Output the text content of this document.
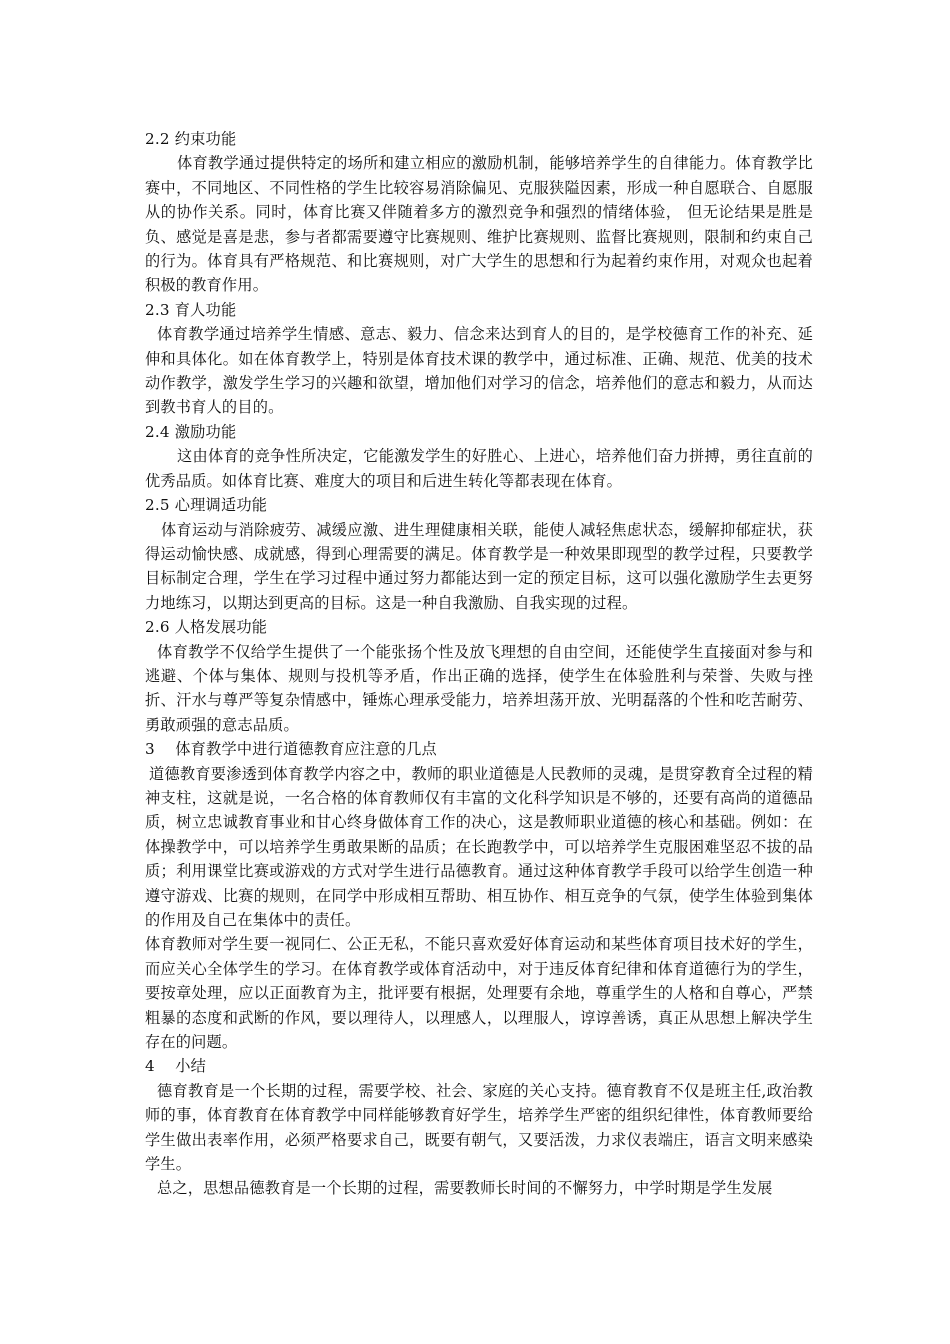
2.2 约束功能

体育教学通过提供特定的场所和建立相应的激励机制，能够培养学生的自律能力。体育教学比赛中，不同地区、不同性格的学生比较容易消除偏见、克服狭隘因素，形成一种自愿联合、自愿服从的协作关系。同时，体育比赛又伴随着多方的激烈竞争和强烈的情绪体验， 但无论结果是胜是负、感觉是喜是悲，参与者都需要遵守比赛规则、维护比赛规则、监督比赛规则，限制和约束自己的行为。体育具有严格规范、和比赛规则，对广大学生的思想和行为起着约束作用，对观众也起着积极的教育作用。

2.3 育人功能

体育教学通过培养学生情感、意志、毅力、信念来达到育人的目的，是学校德育工作的补充、延伸和具体化。如在体育教学上，特别是体育技术课的教学中，通过标准、正确、规范、优美的技术动作教学，激发学生学习的兴趣和欲望，增加他们对学习的信念，培养他们的意志和毅力，从而达到教书育人的目的。

2.4 激励功能

这由体育的竞争性所决定，它能激发学生的好胜心、上进心，培养他们奋力拼搏，勇往直前的优秀品质。如体育比赛、难度大的项目和后进生转化等都表现在体育。

2.5 心理调适功能

体育运动与消除疲劳、减缓应激、进生理健康相关联，能使人减轻焦虑状态，缓解抑郁症状，获得运动愉快感、成就感，得到心理需要的满足。体育教学是一种效果即现型的教学过程，只要教学目标制定合理，学生在学习过程中通过努力都能达到一定的预定目标，这可以强化激励学生去更努力地练习，以期达到更高的目标。这是一种自我激励、自我实现的过程。

2.6 人格发展功能

体育教学不仅给学生提供了一个能张扬个性及放飞理想的自由空间，还能使学生直接面对参与和逃避、个体与集体、规则与投机等矛盾，作出正确的选择，使学生在体验胜利与荣誉、失败与挫折、汗水与尊严等复杂情感中，锤炼心理承受能力，培养坦荡开放、光明磊落的个性和吃苦耐劳、勇敢顽强的意志品质。

3　 体育教学中进行道德教育应注意的几点

道德教育要渗透到体育教学内容之中，教师的职业道德是人民教师的灵魂，是贯穿教育全过程的精神支柱，这就是说，一名合格的体育教师仅有丰富的文化科学知识是不够的，还要有高尚的道德品质，树立忠诚教育事业和甘心终身做体育工作的决心，这是教师职业道德的核心和基础。例如：在体操教学中，可以培养学生勇敢果断的品质；在长跑教学中，可以培养学生克服困难坚忍不拔的品质；利用课堂比赛或游戏的方式对学生进行品德教育。通过这种体育教学手段可以给学生创造一种遵守游戏、比赛的规则，在同学中形成相互帮助、相互协作、相互竞争的气氛，使学生体验到集体的作用及自己在集体中的责任。

体育教师对学生要一视同仁、公正无私，不能只喜欢爱好体育运动和某些体育项目技术好的学生，而应关心全体学生的学习。在体育教学或体育活动中，对于违反体育纪律和体育道德行为的学生，要按章处理，应以正面教育为主，批评要有根据，处理要有余地，尊重学生的人格和自尊心，严禁粗暴的态度和武断的作风，要以理待人，以理感人，以理服人，谆谆善诱，真正从思想上解决学生存在的问题。

4　 小结

德育教育是一个长期的过程，需要学校、社会、家庭的关心支持。德育教育不仅是班主任,政治教师的事，体育教育在体育教学中同样能够教育好学生，培养学生严密的组织纪律性，体育教师要给学生做出表率作用，必须严格要求自己，既要有朝气，又要活泼，力求仪表端庄，语言文明来感染学生。

总之，思想品德教育是一个长期的过程，需要教师长时间的不懈努力，中学时期是学生发展
